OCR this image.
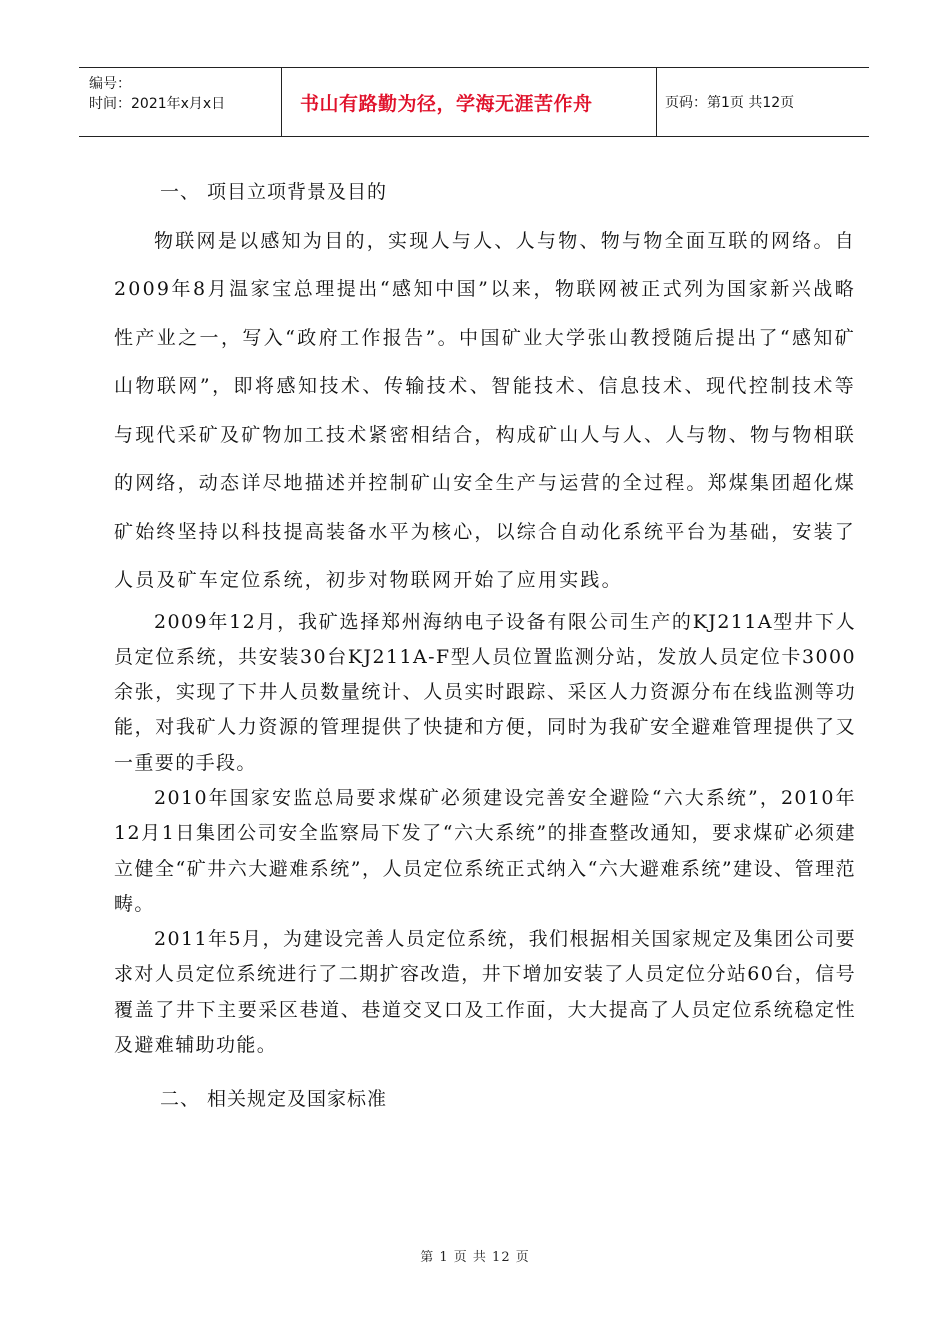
编号：
时间：2021年x月x日	书山有路勤为径，学海无涯苦作舟	页码：第1页 共12页

一、 项目立项背景及目的

物联网是以感知为目的，实现人与人、人与物、物与物全面互联的网络。自2009年8月温家宝总理提出“感知中国”以来，物联网被正式列为国家新兴战略性产业之一，写入“政府工作报告”。中国矿业大学张山教授随后提出了“感知矿山物联网”，即将感知技术、传输技术、智能技术、信息技术、现代控制技术等与现代采矿及矿物加工技术紧密相结合，构成矿山人与人、人与物、物与物相联的网络，动态详尽地描述并控制矿山安全生产与运营的全过程。郑煤集团超化煤矿始终坚持以科技提高装备水平为核心，以综合自动化系统平台为基础，安装了人员及矿车定位系统，初步对物联网开始了应用实践。

2009年12月，我矿选择郑州海纳电子设备有限公司生产的KJ211A型井下人员定位系统，共安装30台KJ211A-F型人员位置监测分站，发放人员定位卡3000余张，实现了下井人员数量统计、人员实时跟踪、采区人力资源分布在线监测等功能，对我矿人力资源的管理提供了快捷和方便，同时为我矿安全避难管理提供了又一重要的手段。

2010年国家安监总局要求煤矿必须建设完善安全避险“六大系统”，2010年12月1日集团公司安全监察局下发了“六大系统”的排查整改通知，要求煤矿必须建立健全“矿井六大避难系统”，人员定位系统正式纳入“六大避难系统”建设、管理范畴。

2011年5月，为建设完善人员定位系统，我们根据相关国家规定及集团公司要求对人员定位系统进行了二期扩容改造，井下增加安装了人员定位分站60台，信号覆盖了井下主要采区巷道、巷道交叉口及工作面，大大提高了人员定位系统稳定性及避难辅助功能。

二、 相关规定及国家标准

第 1 页 共 12 页
